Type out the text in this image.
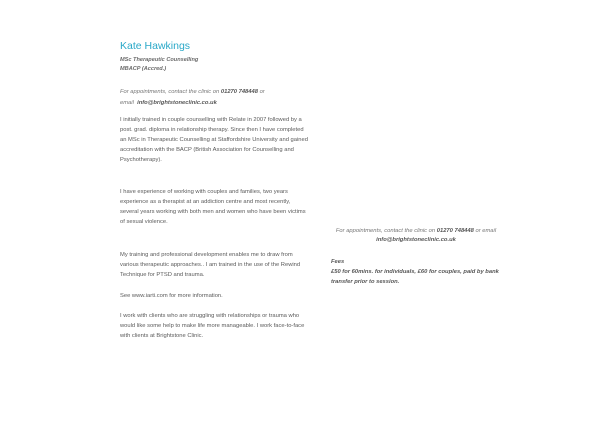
Kate Hawkings
MSc Therapeutic Counselling
MBACP (Accred.)
For appointments, contact the clinic on 01270 748448 or
email info@brightstoneclinic.co.uk
I initially trained in couple counselling with Relate in 2007 followed by a post. grad. diploma in relationship therapy. Since then I have completed an MSc in Therapeutic Counselling at Staffordshire University and gained accreditation with the BACP (British Association for Counselling and Psychotherapy).
I have experience of working with couples and families, two years experience as a therapist at an addiction centre and most recently, several years working with both men and women who have been victims of sexual violence.
My training and professional development enables me to draw from various therapeutic approaches.. I am trained in the use of the Rewind Technique for PTSD and trauma.
See www.iarti.com for more information.
I work with clients who are struggling with relationships or trauma who would like some help to make life more manageable. I work face-to-face with clients at Brightstone Clinic.
For appointments, contact the clinic on 01270 748448 or email info@brightstoneclinic.co.uk
Fees
£50 for 60mins. for individuals, £60 for couples, paid by bank transfer prior to session.
